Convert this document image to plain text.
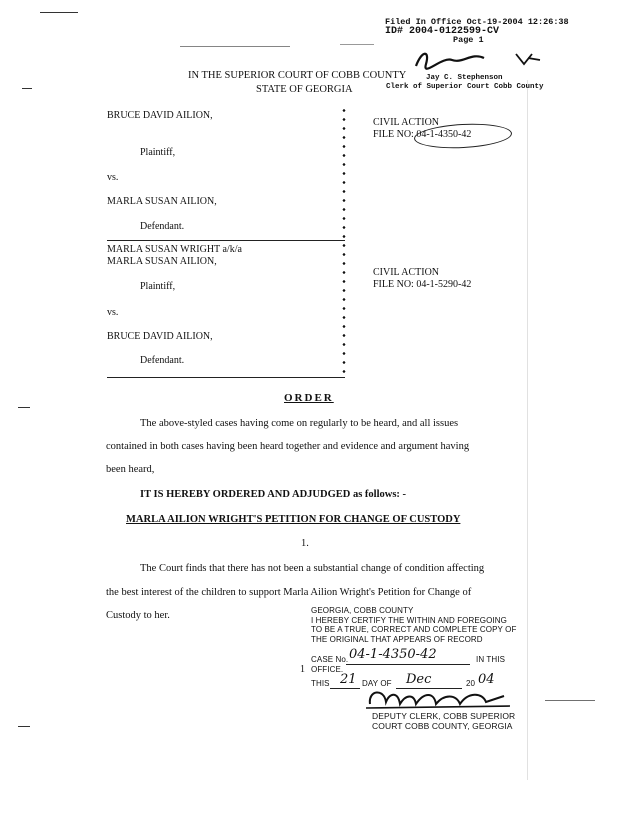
Filed In Office Oct-19-2004 12:26:38
ID# 2004-0122599-CV
Page 1
Jay C. Stephenson
Clerk of Superior Court Cobb County
IN THE SUPERIOR COURT OF COBB COUNTY
STATE OF GEORGIA
BRUCE DAVID AILION,
Plaintiff,
vs.
MARLA SUSAN AILION,
Defendant.
CIVIL ACTION
FILE NO: 04-1-4350-42
MARLA SUSAN WRIGHT a/k/a
MARLA SUSAN AILION,
Plaintiff,
vs.
BRUCE DAVID AILION,
Defendant.
CIVIL ACTION
FILE NO: 04-1-5290-42
ORDER
The above-styled cases having come on regularly to be heard, and all issues
contained in both cases having been heard together and evidence and argument having
been heard,
IT IS HEREBY ORDERED AND ADJUDGED as follows: -
MARLA AILION WRIGHT'S PETITION FOR CHANGE OF CUSTODY
1.
The Court finds that there has not been a substantial change of condition affecting
the best interest of the children to support Marla Ailion Wright's Petition for Change of
Custody to her.	GEORGIA, COBB COUNTY
I HEREBY CERTIFY THE WITHIN AND FOREGOING
TO BE A TRUE, CORRECT AND COMPLETE COPY OF
THE ORIGINAL THAT APPEARS OF RECORD
CASE No. 04-1-4350-42	IN THIS
OFFICE.
1
THIS 21 DAY OF Dec	20 04
DEPUTY CLERK, COBB SUPERIOR
COURT COBB COUNTY, GEORGIA
